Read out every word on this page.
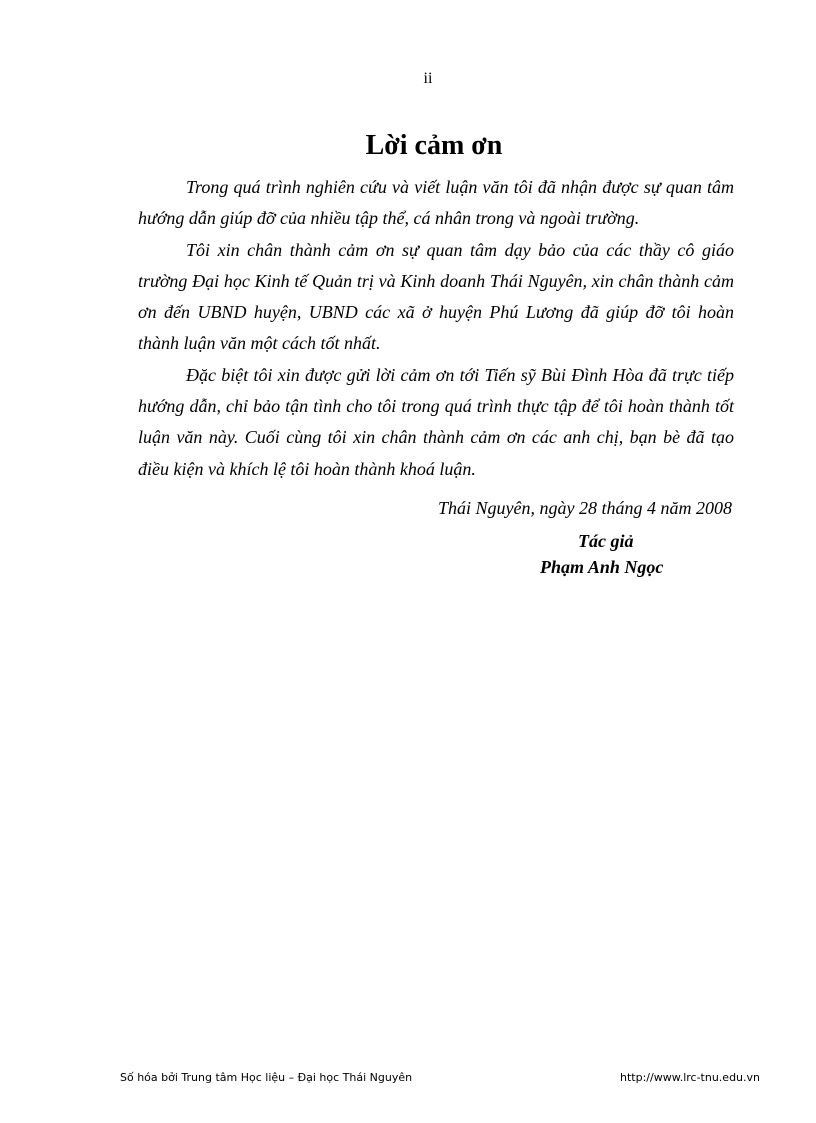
ii
Lời cảm ơn

Trong quá trình nghiên cứu và viết luận văn tôi đã nhận được sự quan tâm hướng dẫn giúp đỡ của nhiều tập thể, cá nhân trong và ngoài trường.

Tôi xin chân thành cảm ơn sự quan tâm dạy bảo của các thầy cô giáo trường Đại học Kinh tế Quản trị và Kinh doanh Thái Nguyên, xin chân thành cảm ơn đến UBND huyện, UBND các xã ở huyện Phú Lương đã giúp đỡ tôi hoàn thành luận văn một cách tốt nhất.

Đặc biệt tôi xin được gửi lời cảm ơn tới Tiến sỹ Bùi Đình Hòa đã trực tiếp hướng dẫn, chỉ bảo tận tình cho tôi trong quá trình thực tập để tôi hoàn thành tốt luận văn này. Cuối cùng tôi xin chân thành cảm ơn các anh chị, bạn bè đã tạo điều kiện và khích lệ tôi hoàn thành khoá luận.

Thái Nguyên, ngày 28 tháng 4 năm 2008
Tác giả
Phạm Anh Ngọc
Số hóa bởi Trung tâm Học liệu – Đại học Thái Nguyên	http://www.lrc-tnu.edu.vn
